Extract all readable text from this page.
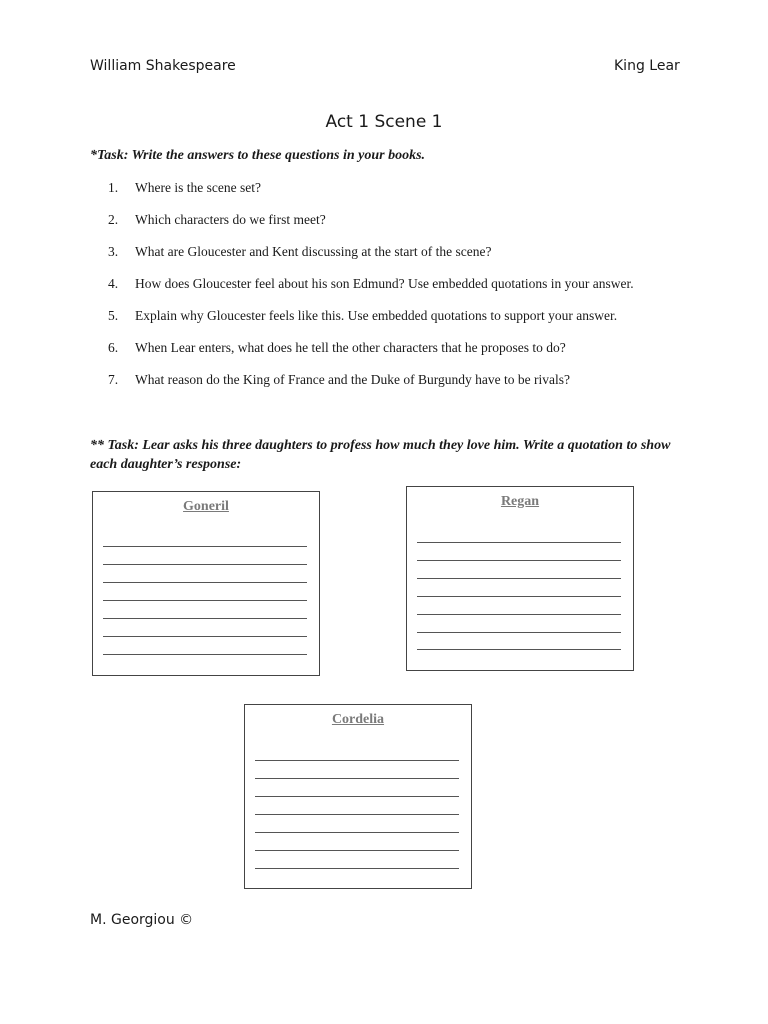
William Shakespeare	King Lear
Act 1 Scene 1
*Task: Write the answers to these questions in your books.
1. Where is the scene set?
2. Which characters do we first meet?
3. What are Gloucester and Kent discussing at the start of the scene?
4. How does Gloucester feel about his son Edmund? Use embedded quotations in your answer.
5. Explain why Gloucester feels like this. Use embedded quotations to support your answer.
6. When Lear enters, what does he tell the other characters that he proposes to do?
7. What reason do the King of France and the Duke of Burgundy have to be rivals?
** Task: Lear asks his three daughters to profess how much they love him. Write a quotation to show
each daughter’s response:
Goneril	Regan
Cordelia
M. Georgiou ©
